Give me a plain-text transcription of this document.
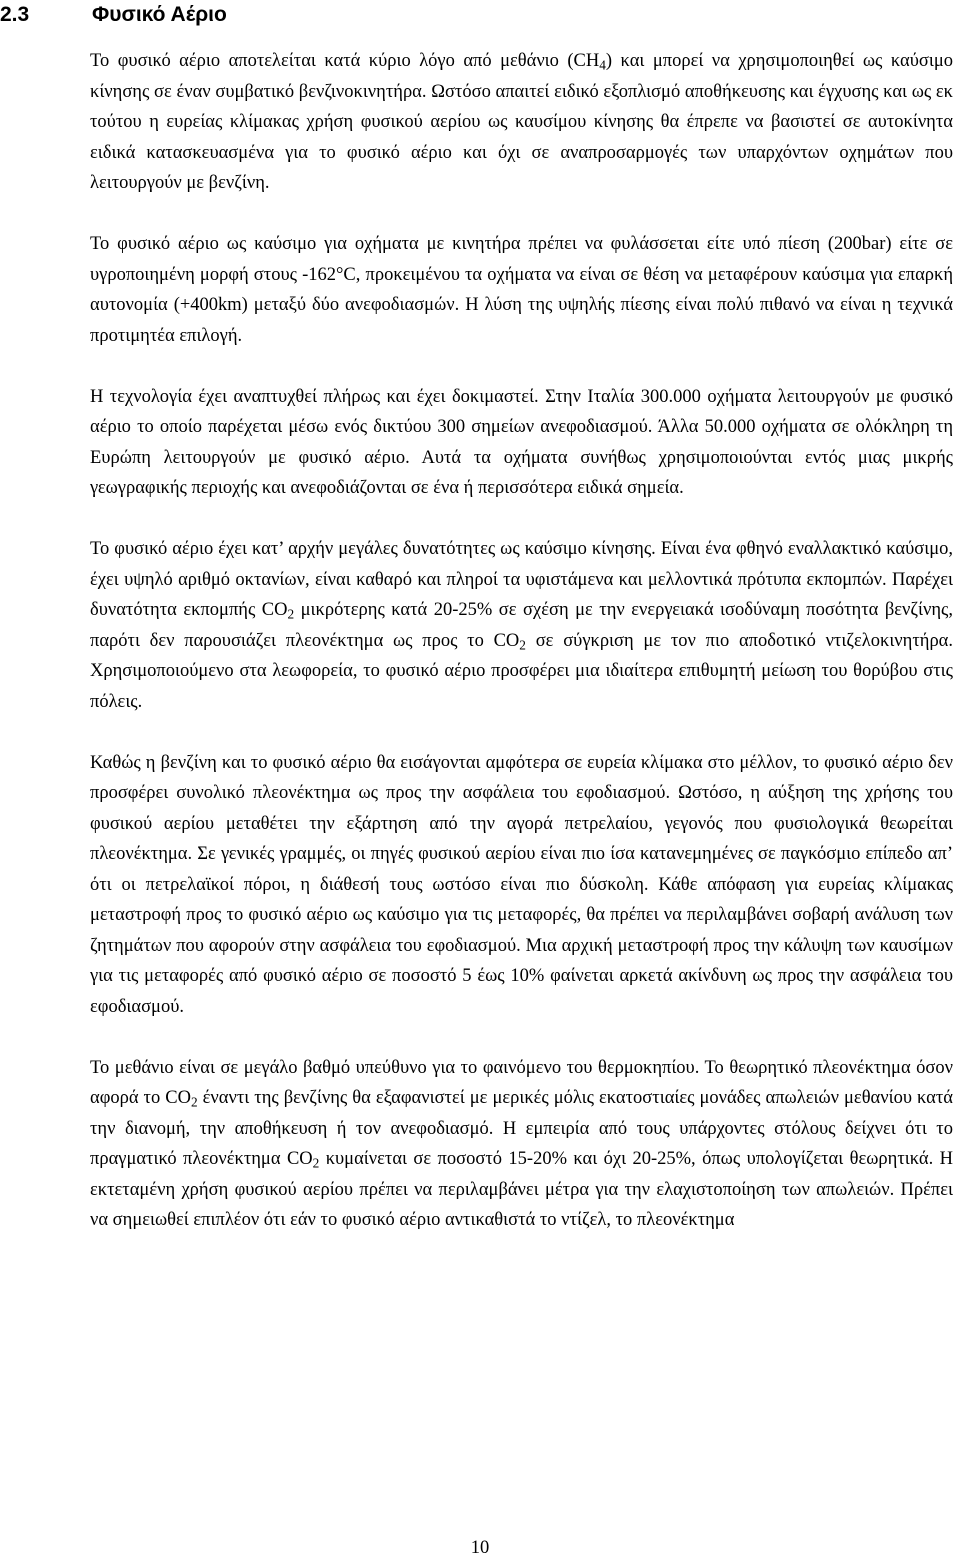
2.3	Φυσικό Αέριο

Το φυσικό αέριο αποτελείται κατά κύριο λόγο από μεθάνιο $(CH_4)$ και μπορεί να χρησιμοποιηθεί ως καύσιμο κίνησης σε έναν συμβατικό βενζινοκινητήρα. Ωστόσο απαιτεί ειδικό εξοπλισμό αποθήκευσης και έγχυσης και ως εκ τούτου η ευρείας κλίμακας χρήση φυσικού αερίου ως καυσίμου κίνησης θα έπρεπε να βασιστεί σε αυτοκίνητα ειδικά κατασκευασμένα για το φυσικό αέριο και όχι σε αναπροσαρμογές των υπαρχόντων οχημάτων που λειτουργούν με βενζίνη.

Το φυσικό αέριο ως καύσιμο για οχήματα με κινητήρα πρέπει να φυλάσσεται είτε υπό πίεση (200bar) είτε σε υγροποιημένη μορφή στους -162°C, προκειμένου τα οχήματα να είναι σε θέση να μεταφέρουν καύσιμα για επαρκή αυτονομία (+400km) μεταξύ δύο ανεφοδιασμών. Η λύση της υψηλής πίεσης είναι πολύ πιθανό να είναι η τεχνικά προτιμητέα επιλογή.

Η τεχνολογία έχει αναπτυχθεί πλήρως και έχει δοκιμαστεί. Στην Ιταλία 300.000 οχήματα λειτουργούν με φυσικό αέριο το οποίο παρέχεται μέσω ενός δικτύου 300 σημείων ανεφοδιασμού. Άλλα 50.000 οχήματα σε ολόκληρη τη Ευρώπη λειτουργούν με φυσικό αέριο. Αυτά τα οχήματα συνήθως χρησιμοποιούνται εντός μιας μικρής γεωγραφικής περιοχής και ανεφοδιάζονται σε ένα ή περισσότερα ειδικά σημεία.

Το φυσικό αέριο έχει κατ’ αρχήν μεγάλες δυνατότητες ως καύσιμο κίνησης. Είναι ένα φθηνό εναλλακτικό καύσιμο, έχει υψηλό αριθμό οκτανίων, είναι καθαρό και πληροί τα υφιστάμενα και μελλοντικά πρότυπα εκπομπών. Παρέχει δυνατότητα εκπομπής $CO_2$ μικρότερης κατά 20-25% σε σχέση με την ενεργειακά ισοδύναμη ποσότητα βενζίνης, παρότι δεν παρουσιάζει πλεονέκτημα ως προς το $CO_2$ σε σύγκριση με τον πιο αποδοτικό ντιζελοκινητήρα. Χρησιμοποιούμενο στα λεωφορεία, το φυσικό αέριο προσφέρει μια ιδιαίτερα επιθυμητή μείωση του θορύβου στις πόλεις.

Καθώς η βενζίνη και το φυσικό αέριο θα εισάγονται αμφότερα σε ευρεία κλίμακα στο μέλλον, το φυσικό αέριο δεν προσφέρει συνολικό πλεονέκτημα ως προς την ασφάλεια του εφοδιασμού. Ωστόσο, η αύξηση της χρήσης του φυσικού αερίου μεταθέτει την εξάρτηση από την αγορά πετρελαίου, γεγονός που φυσιολογικά θεωρείται πλεονέκτημα. Σε γενικές γραμμές, οι πηγές φυσικού αερίου είναι πιο ίσα κατανεμημένες σε παγκόσμιο επίπεδο απ’ ότι οι πετρελαϊκοί πόροι, η διάθεσή τους ωστόσο είναι πιο δύσκολη. Κάθε απόφαση για ευρείας κλίμακας μεταστροφή προς το φυσικό αέριο ως καύσιμο για τις μεταφορές, θα πρέπει να περιλαμβάνει σοβαρή ανάλυση των ζητημάτων που αφορούν στην ασφάλεια του εφοδιασμού. Μια αρχική μεταστροφή προς την κάλυψη των καυσίμων για τις μεταφορές από φυσικό αέριο σε ποσοστό 5 έως 10% φαίνεται αρκετά ακίνδυνη ως προς την ασφάλεια του εφοδιασμού.

Το μεθάνιο είναι σε μεγάλο βαθμό υπεύθυνο για το φαινόμενο του θερμοκηπίου. Το θεωρητικό πλεονέκτημα όσον αφορά το $CO_2$ έναντι της βενζίνης θα εξαφανιστεί με μερικές μόλις εκατοστιαίες μονάδες απωλειών μεθανίου κατά την διανομή, την αποθήκευση ή τον ανεφοδιασμό. Η εμπειρία από τους υπάρχοντες στόλους δείχνει ότι το πραγματικό πλεονέκτημα $CO_2$ κυμαίνεται σε ποσοστό 15-20% και όχι 20-25%, όπως υπολογίζεται θεωρητικά. Η εκτεταμένη χρήση φυσικού αερίου πρέπει να περιλαμβάνει μέτρα για την ελαχιστοποίηση των απωλειών. Πρέπει να σημειωθεί επιπλέον ότι εάν το φυσικό αέριο αντικαθιστά το ντίζελ, το πλεονέκτημα

10
